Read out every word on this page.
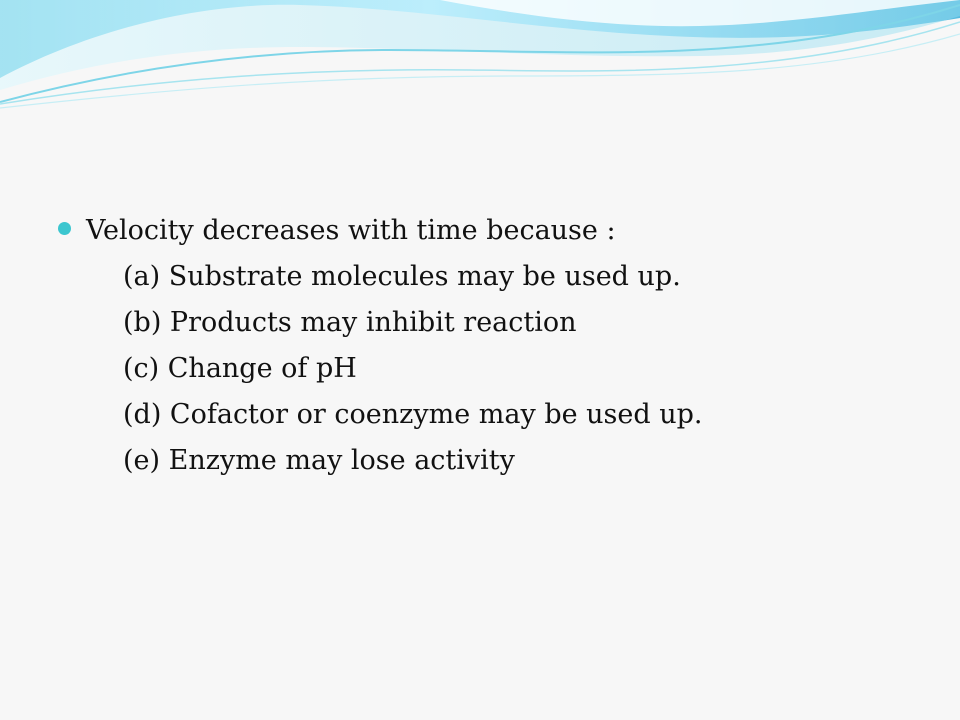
Velocity decreases with time because :
(a) Substrate molecules may be used up.
(b) Products may inhibit reaction
(c) Change of pH
(d) Cofactor or coenzyme may be used up.
(e) Enzyme may lose activity
